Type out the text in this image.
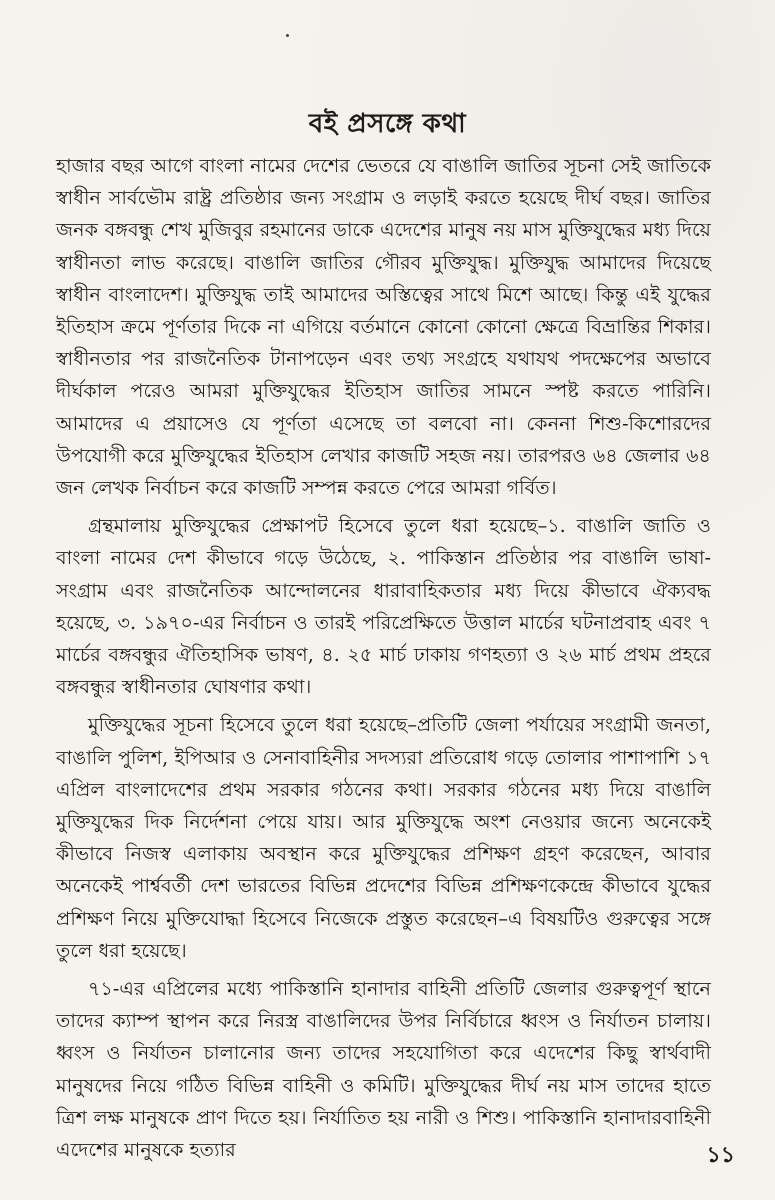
বই প্রসঙ্গে কথা

হাজার বছর আগে বাংলা নামের দেশের ভেতরে যে বাঙালি জাতির সূচনা সেই জাতিকে স্বাধীন সার্বভৌম রাষ্ট্র প্রতিষ্ঠার জন্য সংগ্রাম ও লড়াই করতে হয়েছে দীর্ঘ বছর। জাতির জনক বঙ্গবন্ধু শেখ মুজিবুর রহমানের ডাকে এদেশের মানুষ নয় মাস মুক্তিযুদ্ধের মধ্য দিয়ে স্বাধীনতা লাভ করেছে। বাঙালি জাতির গৌরব মুক্তিযুদ্ধ। মুক্তিযুদ্ধ আমাদের দিয়েছে স্বাধীন বাংলাদেশ। মুক্তিযুদ্ধ তাই আমাদের অস্তিত্বের সাথে মিশে আছে। কিন্তু এই যুদ্ধের ইতিহাস ক্রমে পূর্ণতার দিকে না এগিয়ে বর্তমানে কোনো কোনো ক্ষেত্রে বিভ্রান্তির শিকার। স্বাধীনতার পর রাজনৈতিক টানাপড়েন এবং তথ্য সংগ্রহে যথাযথ পদক্ষেপের অভাবে দীর্ঘকাল পরেও আমরা মুক্তিযুদ্ধের ইতিহাস জাতির সামনে স্পষ্ট করতে পারিনি। আমাদের এ প্রয়াসেও যে পূর্ণতা এসেছে তা বলবো না। কেননা শিশু-কিশোরদের উপযোগী করে মুক্তিযুদ্ধের ইতিহাস লেখার কাজটি সহজ নয়। তারপরও ৬৪ জেলার ৬৪ জন লেখক নির্বাচন করে কাজটি সম্পন্ন করতে পেরে আমরা গর্বিত।

গ্রন্থমালায় মুক্তিযুদ্ধের প্রেক্ষাপট হিসেবে তুলে ধরা হয়েছে–১. বাঙালি জাতি ও বাংলা নামের দেশ কীভাবে গড়ে উঠেছে, ২. পাকিস্তান প্রতিষ্ঠার পর বাঙালি ভাষা- সংগ্রাম এবং রাজনৈতিক আন্দোলনের ধারাবাহিকতার মধ্য দিয়ে কীভাবে ঐক্যবদ্ধ হয়েছে, ৩. ১৯৭০-এর নির্বাচন ও তারই পরিপ্রেক্ষিতে উত্তাল মার্চের ঘটনাপ্রবাহ এবং ৭ মার্চের বঙ্গবন্ধুর ঐতিহাসিক ভাষণ, ৪. ২৫ মার্চ ঢাকায় গণহত্যা ও ২৬ মার্চ প্রথম প্রহরে বঙ্গবন্ধুর স্বাধীনতার ঘোষণার কথা।

মুক্তিযুদ্ধের সূচনা হিসেবে তুলে ধরা হয়েছে–প্রতিটি জেলা পর্যায়ের সংগ্রামী জনতা, বাঙালি পুলিশ, ইপিআর ও সেনাবাহিনীর সদস্যরা প্রতিরোধ গড়ে তোলার পাশাপাশি ১৭ এপ্রিল বাংলাদেশের প্রথম সরকার গঠনের কথা। সরকার গঠনের মধ্য দিয়ে বাঙালি মুক্তিযুদ্ধের দিক নির্দেশনা পেয়ে যায়। আর মুক্তিযুদ্ধে অংশ নেওয়ার জন্যে অনেকেই কীভাবে নিজস্ব এলাকায় অবস্থান করে মুক্তিযুদ্ধের প্রশিক্ষণ গ্রহণ করেছেন, আবার অনেকেই পার্শ্ববর্তী দেশ ভারতের বিভিন্ন প্রদেশের বিভিন্ন প্রশিক্ষণকেন্দ্রে কীভাবে যুদ্ধের প্রশিক্ষণ নিয়ে মুক্তিযোদ্ধা হিসেবে নিজেকে প্রস্তুত করেছেন–এ বিষয়টিও গুরুত্বের সঙ্গে তুলে ধরা হয়েছে।

৭১-এর এপ্রিলের মধ্যে পাকিস্তানি হানাদার বাহিনী প্রতিটি জেলার গুরুত্বপূর্ণ স্থানে তাদের ক্যাম্প স্থাপন করে নিরস্ত্র বাঙালিদের উপর নির্বিচারে ধ্বংস ও নির্যাতন চালায়। ধ্বংস ও নির্যাতন চালানোর জন্য তাদের সহযোগিতা করে এদেশের কিছু স্বার্থবাদী মানুষদের নিয়ে গঠিত বিভিন্ন বাহিনী ও কমিটি। মুক্তিযুদ্ধের দীর্ঘ নয় মাস তাদের হাতে ত্রিশ লক্ষ মানুষকে প্রাণ দিতে হয়। নির্যাতিত হয় নারী ও শিশু। পাকিস্তানি হানাদারবাহিনী এদেশের মানুষকে হত্যার	১১
